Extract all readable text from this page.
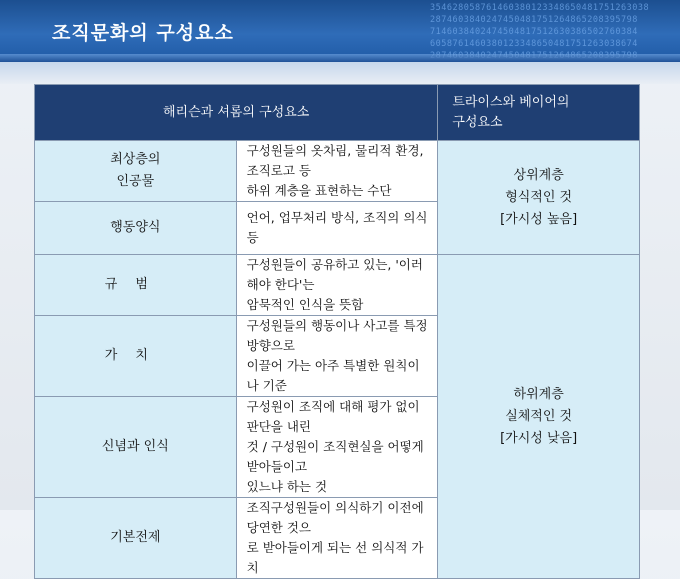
354628058761460380123348650481751263038
2874603840247450481751264865208395798
7146038402474504817512630386502760384
6058761460380123348650481751263038674
조직문화의 구성요소
해리슨과 셔롬의 구성요소		트라이스와 베이어의
구성요소
최상층의
인공물	구성원들의 옷차림, 물리적 환경, 조직로고 등
하위 계층을 표현하는 수단	상위계층
형식적인 것
[가시성 높음]
행동양식	언어, 업무처리 방식, 조직의 의식 등	
규범	구성원들이 공유하고 있는, '이러해야 한다'는
암묵적인 인식을 뜻함	하위계층
실체적인 것
[가시성 낮음]
가치	구성원들의 행동이나 사고를 특정 방향으로
이끌어 가는 아주 특별한 원칙이나 기준	
신념과 인식	구성원이 조직에 대해 평가 없이 판단을 내린
것 / 구성원이 조직현실을 어떻게 받아들이고
있느냐 하는 것	
기본전제	조직구성원들이 의식하기 이전에 당연한 것으
로 받아들이게 되는 선 의식적 가치	
